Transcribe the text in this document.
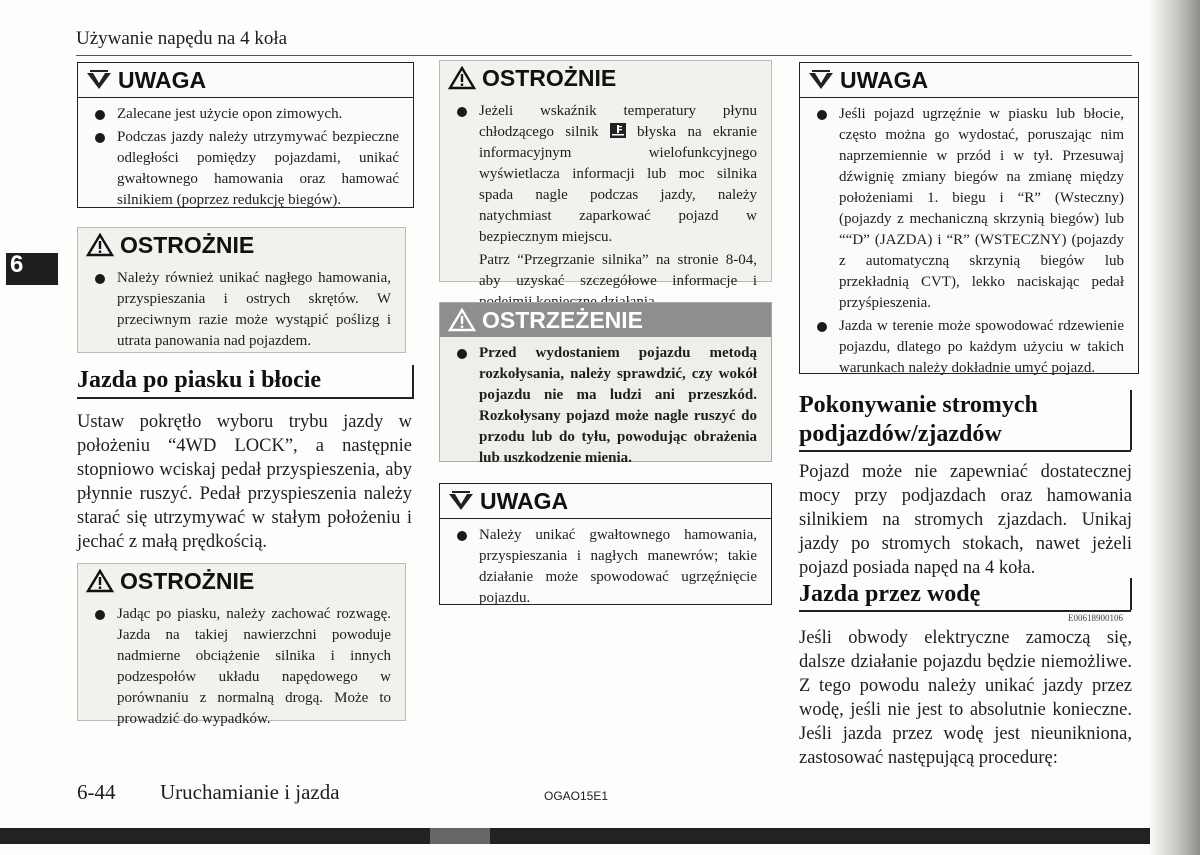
Używanie napędu na 4 koła
6
UWAGA
Zalecane jest użycie opon zimowych.
Podczas jazdy należy utrzymywać bezpieczne odległości pomiędzy pojazdami, unikać gwałtownego hamowania oraz hamować silnikiem (poprzez redukcję biegów).
OSTROŻNIE
Należy również unikać nagłego hamowania, przyspieszania i ostrych skrętów. W przeciwnym razie może wystąpić poślizg i utrata panowania nad pojazdem.
Jazda po piasku i błocie
Ustaw pokrętło wyboru trybu jazdy w położeniu “4WD LOCK”, a następnie stopniowo wciskaj pedał przyspieszenia, aby płynnie ruszyć. Pedał przyspieszenia należy starać się utrzymywać w stałym położeniu i jechać z małą prędkością.
OSTROŻNIE
Jadąc po piasku, należy zachować rozwagę. Jazda na takiej nawierzchni powoduje nadmierne obciążenie silnika i innych podzespołów układu napędowego w porównaniu z normalną drogą. Może to prowadzić do wypadków.
OSTROŻNIE
Jeżeli wskaźnik temperatury płynu chłodzącego silnik	błyska na ekranie informacyjnym wielofunkcyjnego wyświetlacza informacji lub moc silnika spada nagle podczas jazdy, należy natychmiast zaparkować pojazd w bezpiecznym miejscu.
Patrz “Przegrzanie silnika” na stronie 8-04, aby uzyskać szczegółowe informacje i
OSTRZEŻENIE
Przed wydostaniem pojazdu metodą rozkołysania, należy sprawdzić, czy wokół pojazdu nie ma ludzi ani przeszkód. Rozkołysany pojazd może nagle ruszyć do przodu lub do tyłu, powodując obrażenia lub uszkodzenie mienia.
UWAGA
Należy unikać gwałtownego hamowania, przyspieszania i nagłych manewrów; takie działanie może spowodować ugrzęźnięcie pojazdu.
UWAGA
Jeśli pojazd ugrzęźnie w piasku lub błocie, często można go wydostać, poruszając nim naprzemiennie w przód i w tył. Przesuwaj dźwignię zmiany biegów na zmianę między położeniami 1. biegu i “R” (Wsteczny) (pojazdy z mechaniczną skrzynią biegów) lub ““D” (JAZDA) i “R” (WSTECZNY) (pojazdy z automatyczną skrzynią biegów lub przekładnią CVT), lekko naciskając pedał przyśpieszenia.
Jazda w terenie może spowodować rdzewienie pojazdu, dlatego po każdym użyciu w takich warunkach należy dokładnie umyć pojazd.
Pokonywanie stromych podjazdów/zjazdów
Pojazd może nie zapewniać dostatecznej mocy przy podjazdach oraz hamowania silnikiem na stromych zjazdach. Unikaj jazdy po stromych stokach, nawet jeżeli pojazd posiada napęd na 4 koła.
Jazda przez wodę
E00618900106
Jeśli obwody elektryczne zamoczą się, dalsze działanie pojazdu będzie niemożliwe. Z tego powodu należy unikać jazdy przez wodę, jeśli nie jest to absolutnie konieczne. Jeśli jazda przez wodę jest nieunikniona, zastosować następującą procedurę:
6-44 Uruchamianie i jazda	OGAO15E1
